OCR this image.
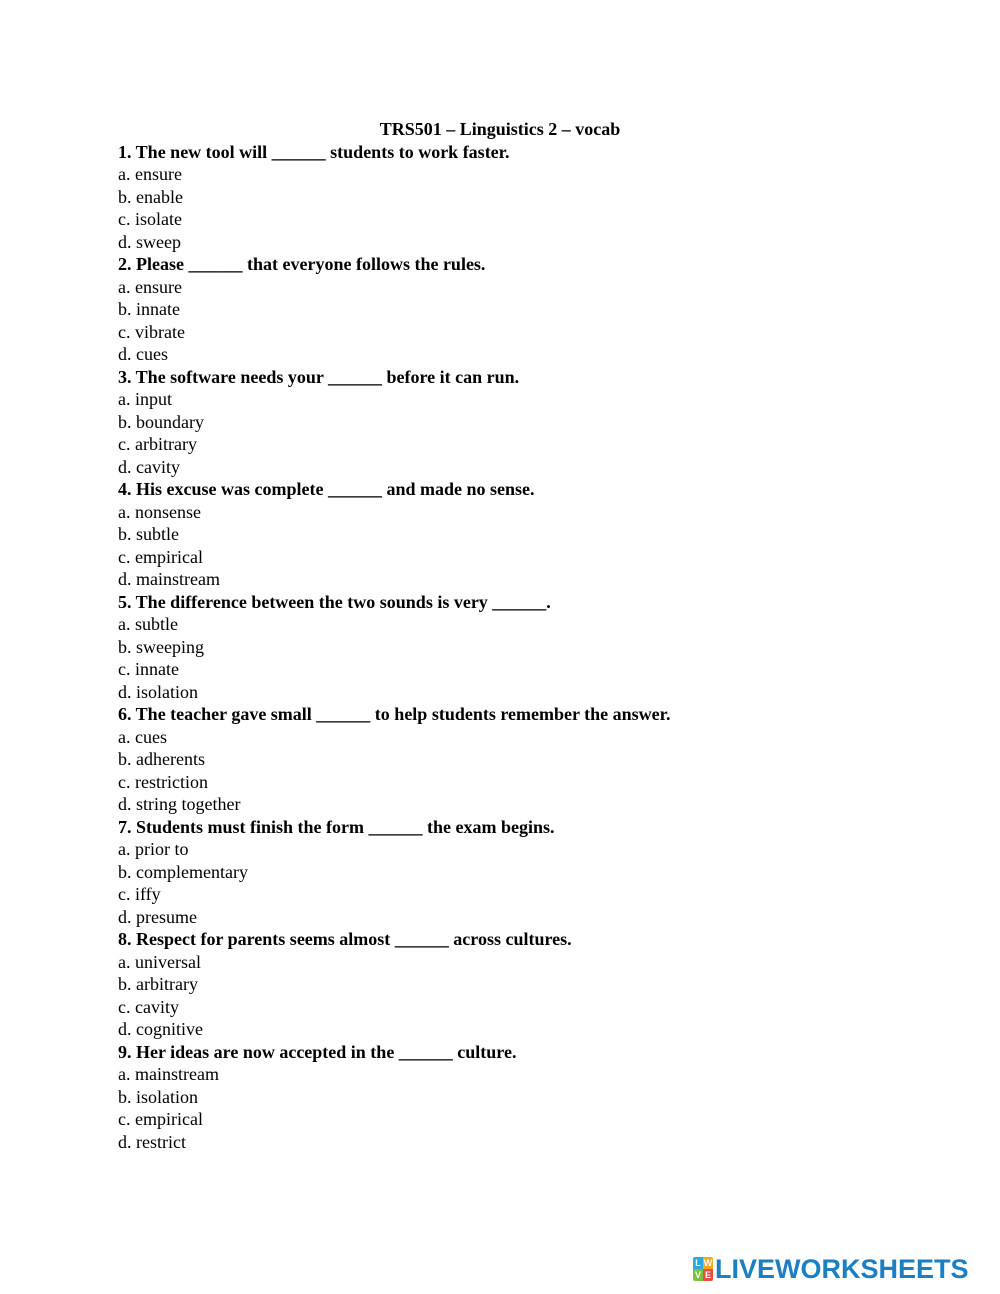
TRS501 – Linguistics 2 – vocab
1. The new tool will ______ students to work faster.
a. ensure
b. enable
c. isolate
d. sweep
2. Please ______ that everyone follows the rules.
a. ensure
b. innate
c. vibrate
d. cues
3. The software needs your ______ before it can run.
a. input
b. boundary
c. arbitrary
d. cavity
4. His excuse was complete ______ and made no sense.
a. nonsense
b. subtle
c. empirical
d. mainstream
5. The difference between the two sounds is very ______.
a. subtle
b. sweeping
c. innate
d. isolation
6. The teacher gave small ______ to help students remember the answer.
a. cues
b. adherents
c. restriction
d. string together
7. Students must finish the form ______ the exam begins.
a. prior to
b. complementary
c. iffy
d. presume
8. Respect for parents seems almost ______ across cultures.
a. universal
b. arbitrary
c. cavity
d. cognitive
9. Her ideas are now accepted in the ______ culture.
a. mainstream
b. isolation
c. empirical
d. restrict
L W
V E LIVEWORKSHEETS
